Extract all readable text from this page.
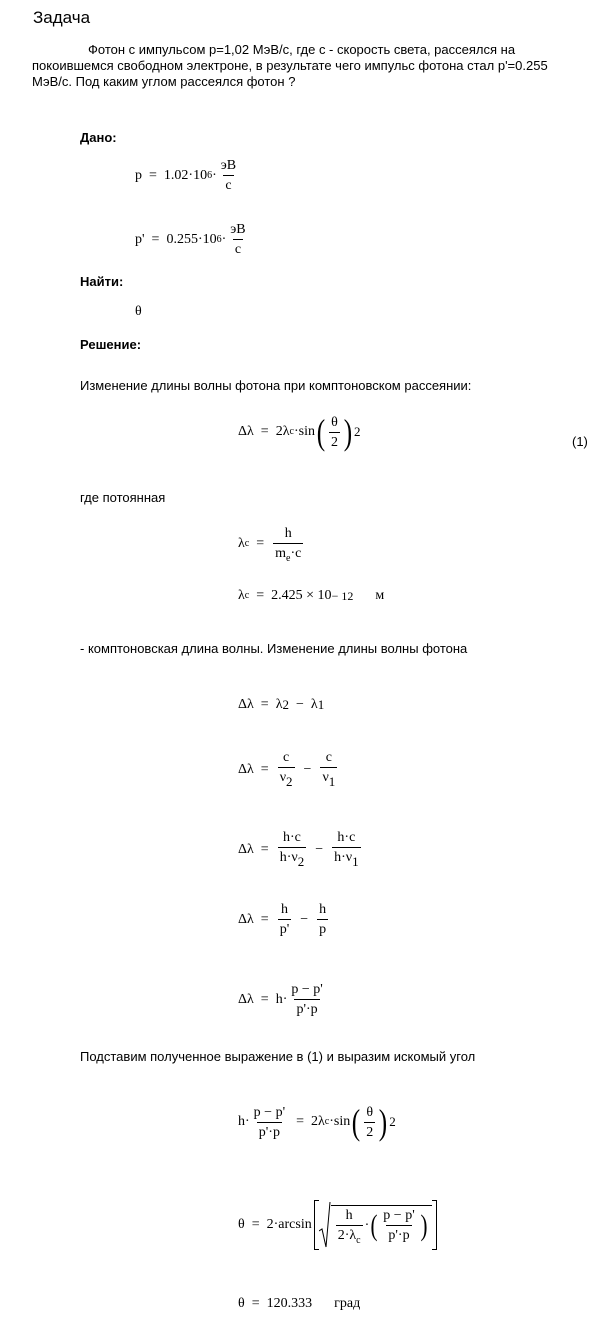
Задача
Фотон с импульсом p=1,02 МэВ/с, где с - скорость света, рассеялся на
покоившемся свободном электроне, в результате чего импульс фотона стал p'=0.255
МэВ/с. Под каким углом рассеялся фотон ?
Дано:
p = 1.02·10 $6 \cdot \frac{эВ}{c}$
p' = 0.255·10 $6 \cdot \frac{эВ}{c}$
Найти:
θ
Решение:
Изменение длины волны фотона при комптоновском рассеянии:
Δλ = 2λ c ·sin ( $\frac{\theta}{2}$ ) 2
(1)
где потоянная
λ $c = \frac{h}{m_e\cdot c}$
λ c = 2.425 × 10 − 12 м
- комптоновская длина волны. Изменение длины волны фотона
Δλ = λ 2 − λ 1
$\Delta\lambda = \frac{c}{\nu 2} - \frac{c}{\nu 1}$
$\Delta\lambda = \frac{h\cdot c}{h\cdot\nu 2} - \frac{h\cdot c}{h\cdot\nu 1}$
$\Delta\lambda = \frac{h}{p'} - \frac{h}{p}$
$\Delta\lambda = h\cdot \frac{p - p'}{p'\cdot p}$
Подставим полученное выражение в (1) и выразим искомый угол
$h\cdot \frac{p - p'}{p'\cdot p} = 2\lambda$ c ·sin ( $\frac{\theta}{2}$ ) 2
$\theta = 2\cdot\arcsin \frac{h}{2\cdot\lambda_c}$ · ( $\frac{p - p'}{p'\cdot p}$ )
θ = 120.333 град
